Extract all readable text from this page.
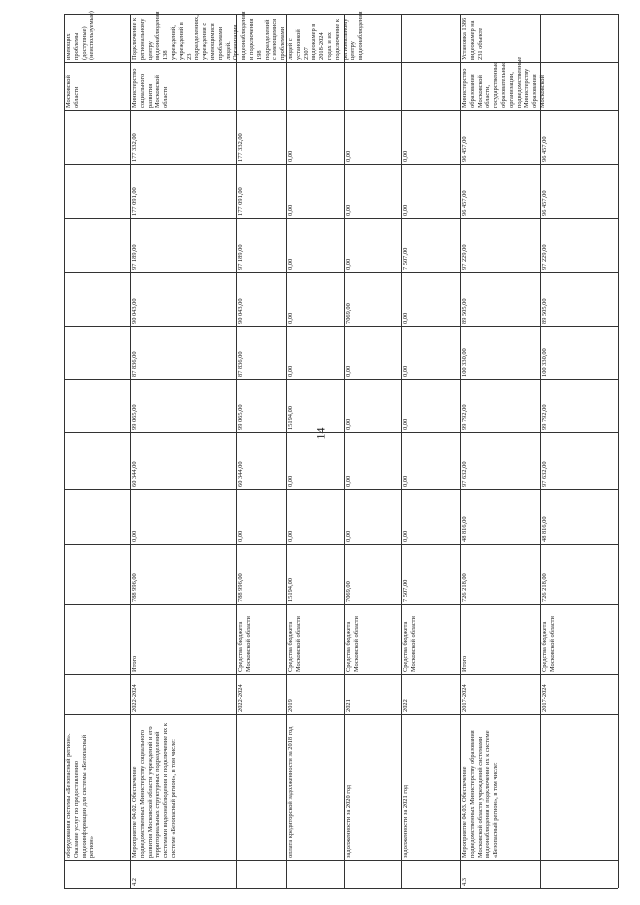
14
оборудования системы «Безопасный регион». Оказание услуг по предоставлению видеоинформации для системы «Безопасный регион»
Московской области
имеющих проблемы (доступные) (неиспользуемые)
4.2
Мероприятие 04.02. Обеспечение подведомственных Министерству социального развития Московской области учреждений и его территориальных структурных подразделений системами видеонаблюдения и подключение их к системе «Безопасный регион», в том числе:
2022-2024
Итого
788 996,00
0,00
60 344,00
99 065,00
87 836,00
90 043,00
97 189,00
177 091,00
177 332,00
Министерство социального развития Московской области
Подключение к региональному центру видеонаблюдения 138 учреждений, учреждений в 23 подразделениях, учреждения с имеющимися проблемами людей. Организация видеонаблюдения и подключения 198 подразделений с имеющимися проблемами людей с установкой 2307 видеокамер в 2018-2024 годах и их подключение к региональному центру видеонаблюдения
2022-2024
Средства бюджета Московской области
788 996,00
0,00
60 344,00
99 065,00
87 836,00
90 043,00
97 189,00
177 091,00
177 332,00
оплата кредиторской задолженности за 2018 год
2019
Средства бюджета Московской области
15194,00
0,00
0,00
15194,00
0,00
0,00
0,00
0,00
0,00
задолженности за 2020 год
2021
Средства бюджета Московской области
7069,00
0,00
0,00
0,00
0,00
7069,00
0,00
0,00
0,00
задолженности за 2021 год
2022
Средства бюджета Московской области
7 507,00
0,00
0,00
0,00
0,00
0,00
7 507,00
0,00
0,00
4.3
Мероприятие 04.03. Обеспечение подведомственных Министерству образования Московской области учреждений системами видеонаблюдения и подключение их к системе «Безопасный регион», в том числе:
2017-2024
Итого
726 218,00
48 816,00
97 632,00
99 792,00
100 330,00
89 505,00
97 229,00
96 457,00
96 457,00
Министерство образования Московской области, государственные образовательные организации, подведомственные Министерству образования Московской
Установка 1386 видеокамер на 231 объекте
2017-2024
Средства бюджета Московской области
726 218,00
48 816,00
97 632,00
99 792,00
100 330,00
89 505,00
97 229,00
96 457,00
96 457,00
